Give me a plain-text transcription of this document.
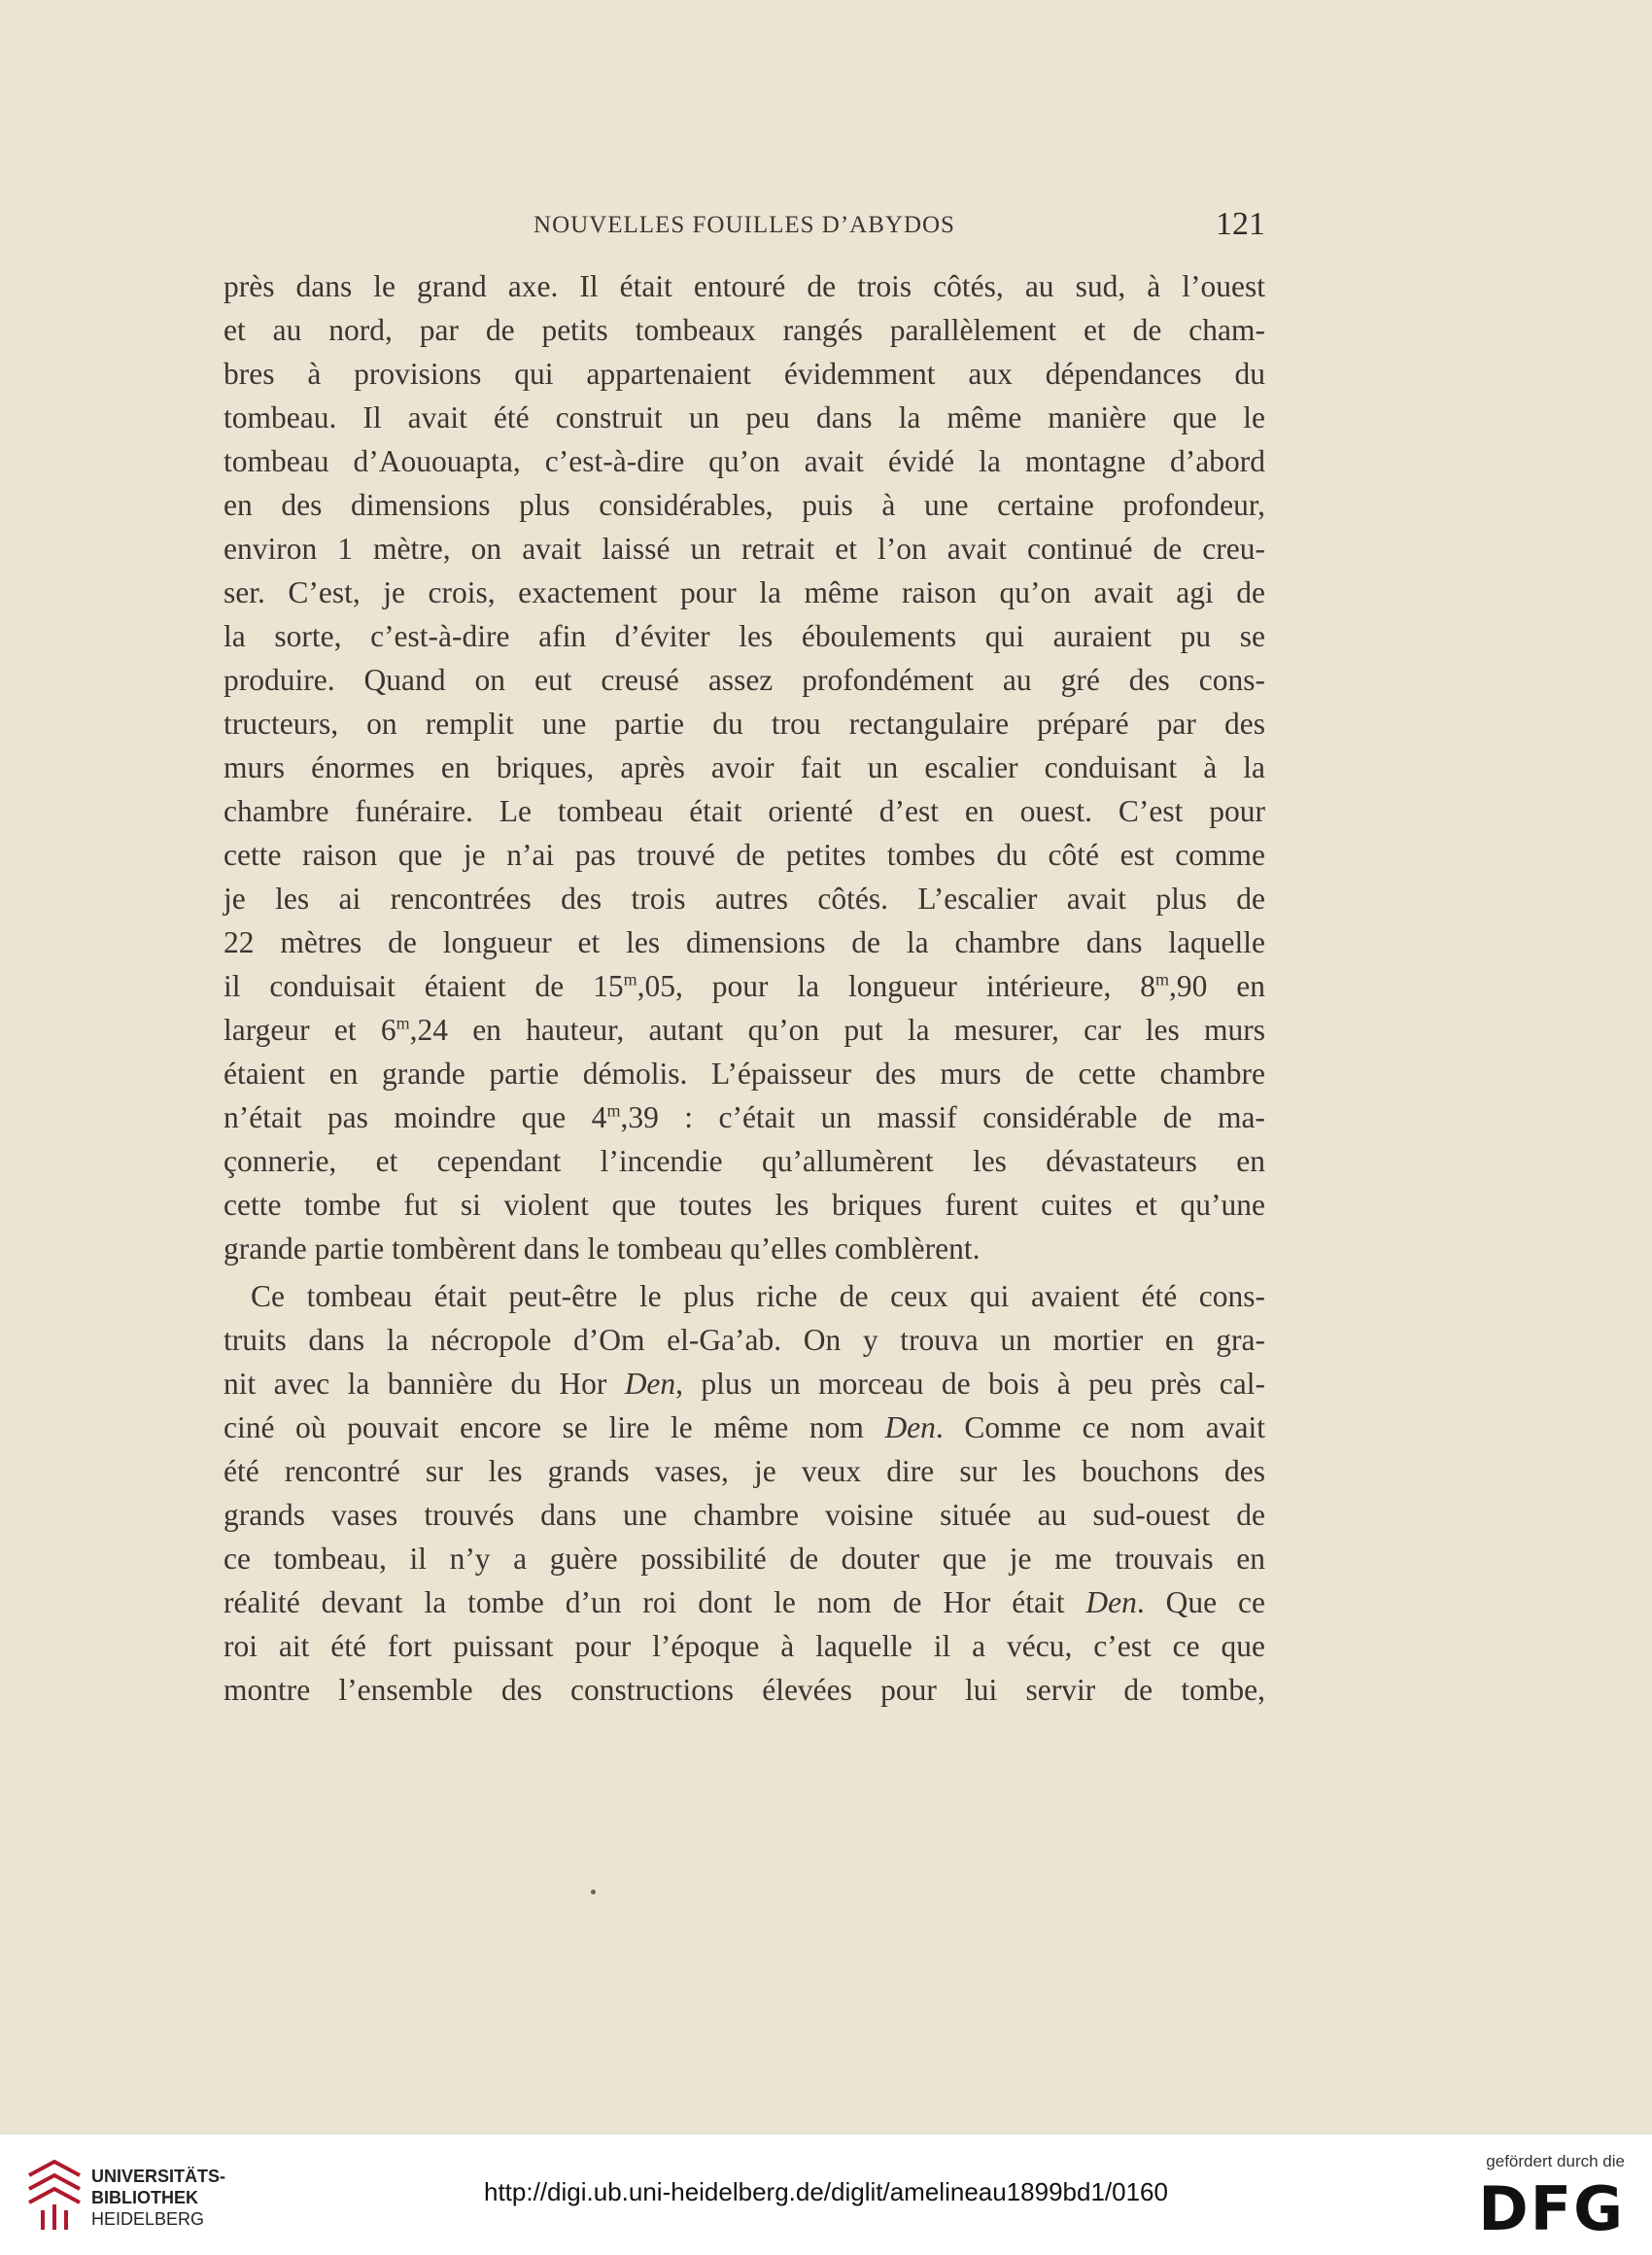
NOUVELLES FOUILLES D’ABYDOS	121
près dans le grand axe. Il était entouré de trois côtés, au sud, à l’ouest
et au nord, par de petits tombeaux rangés parallèlement et de cham-
bres à provisions qui appartenaient évidemment aux dépendances du
tombeau. Il avait été construit un peu dans la même manière que le
tombeau d’Aououapta, c’est-à-dire qu’on avait évidé la montagne d’abord
en des dimensions plus considérables, puis à une certaine profondeur,
environ 1 mètre, on avait laissé un retrait et l’on avait continué de creu-
ser. C’est, je crois, exactement pour la même raison qu’on avait agi de
la sorte, c’est-à-dire afin d’éviter les éboulements qui auraient pu se
produire. Quand on eut creusé assez profondément au gré des cons-
tructeurs, on remplit une partie du trou rectangulaire préparé par des
murs énormes en briques, après avoir fait un escalier conduisant à la
chambre funéraire. Le tombeau était orienté d’est en ouest. C’est pour
cette raison que je n’ai pas trouvé de petites tombes du côté est comme
je les ai rencontrées des trois autres côtés. L’escalier avait plus de
22 mètres de longueur et les dimensions de la chambre dans laquelle
il conduisait étaient de 15$^m$,05, pour la longueur intérieure, 8$^m$,90 en
largeur et 6$^m$,24 en hauteur, autant qu’on put la mesurer, car les murs
étaient en grande partie démolis. L’épaisseur des murs de cette chambre
n’était pas moindre que 4$^m$,39 : c’était un massif considérable de ma-
çonnerie, et cependant l’incendie qu’allumèrent les dévastateurs en
cette tombe fut si violent que toutes les briques furent cuites et qu’une
grande partie tombèrent dans le tombeau qu’elles comblèrent.
Ce tombeau était peut-être le plus riche de ceux qui avaient été cons-
truits dans la nécropole d’Om el-Ga’ab. On y trouva un mortier en gra-
nit avec la bannière du Hor Den, plus un morceau de bois à peu près cal-
ciné où pouvait encore se lire le même nom Den. Comme ce nom avait
été rencontré sur les grands vases, je veux dire sur les bouchons des
grands vases trouvés dans une chambre voisine située au sud-ouest de
ce tombeau, il n’y a guère possibilité de douter que je me trouvais en
réalité devant la tombe d’un roi dont le nom de Hor était Den. Que ce
roi ait été fort puissant pour l’époque à laquelle il a vécu, c’est ce que
montre l’ensemble des constructions élevées pour lui servir de tombe,
UNIVERSITÄTS-
BIBLIOTHEK
HEIDELBERG
http://digi.ub.uni-heidelberg.de/diglit/amelineau1899bd1/0160
gefördert durch die
DFG
